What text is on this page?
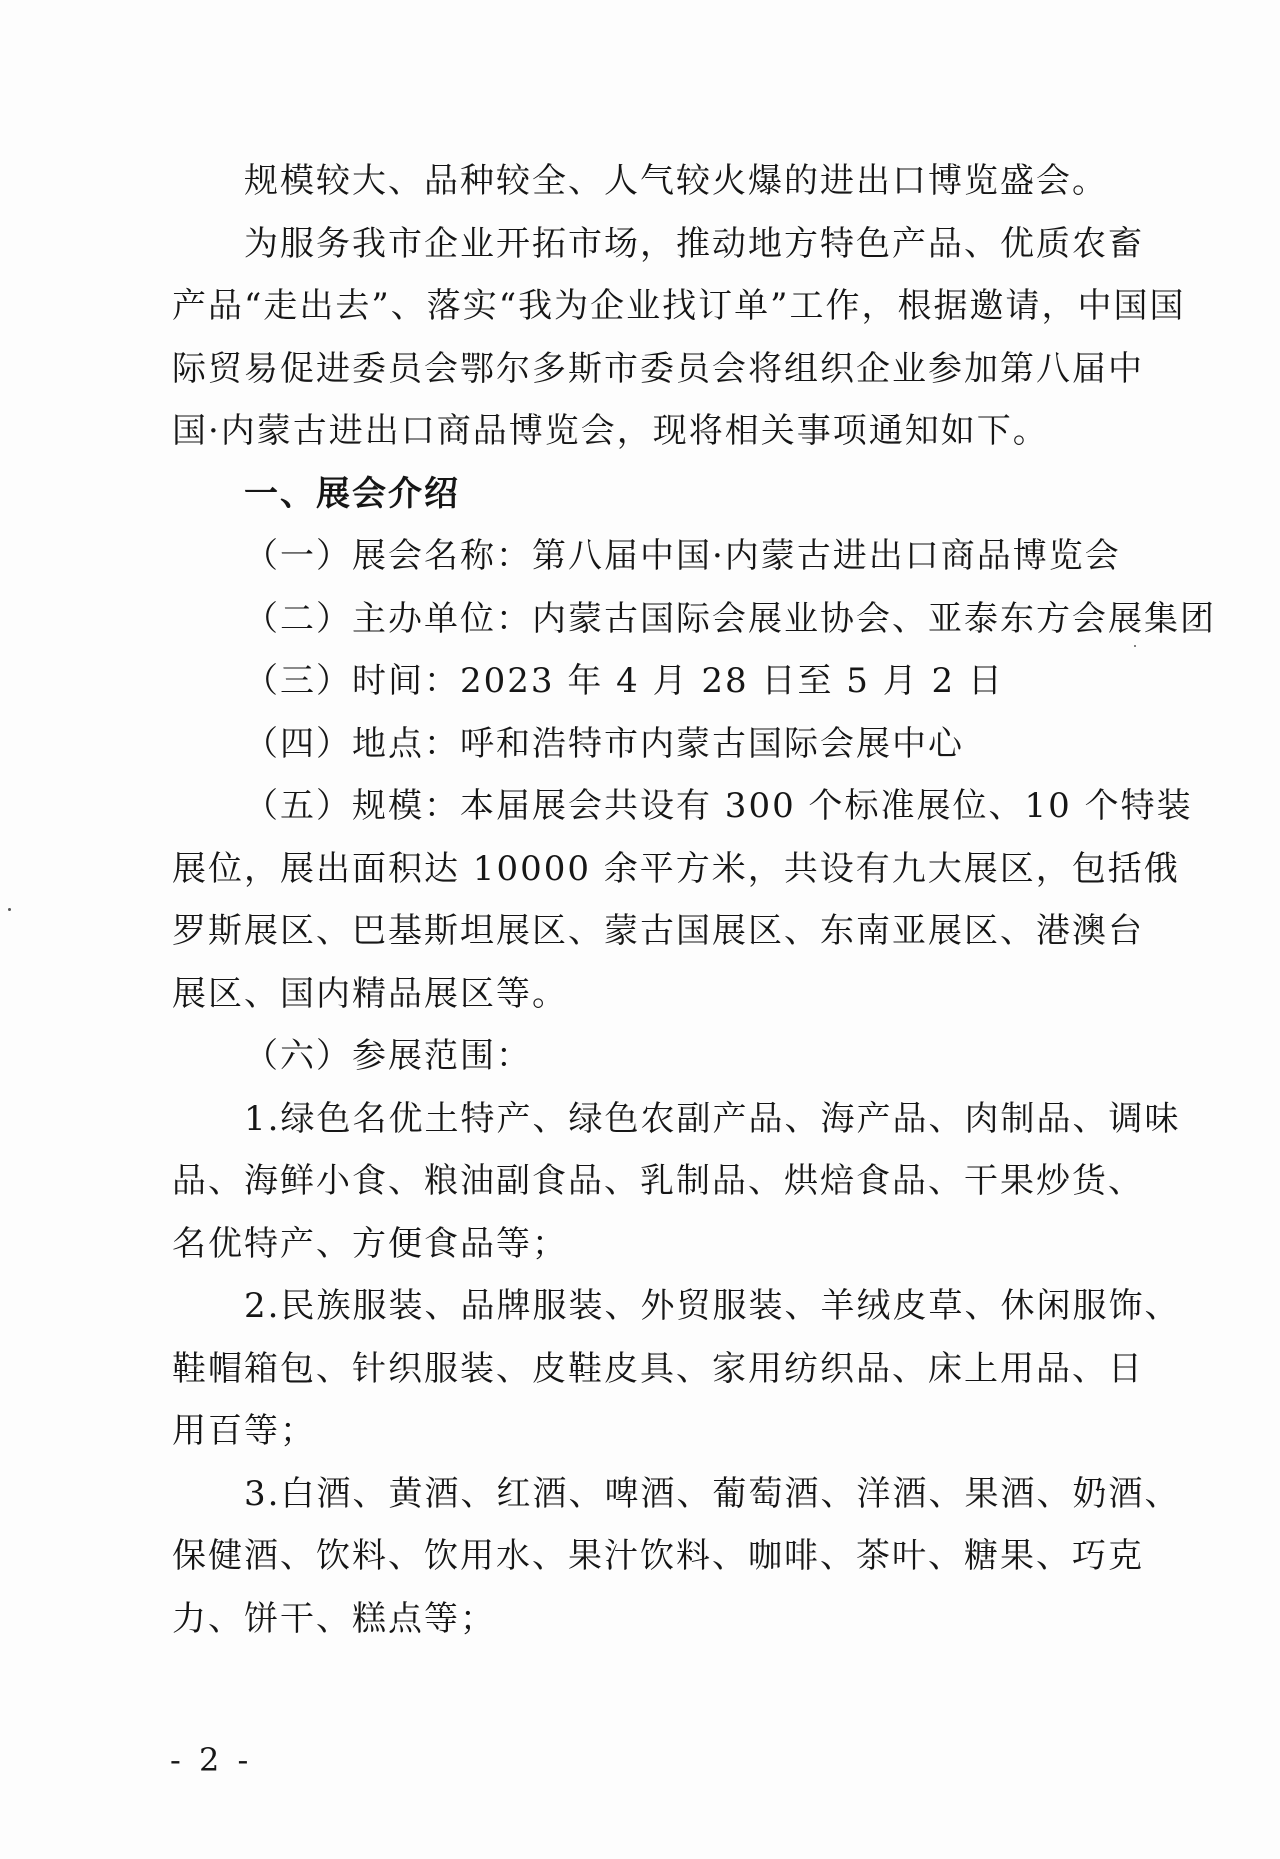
规模较大、品种较全、人气较火爆的进出口博览盛会。
为服务我市企业开拓市场，推动地方特色产品、优质农畜
产品“走出去”、落实“我为企业找订单”工作，根据邀请，中国国
际贸易促进委员会鄂尔多斯市委员会将组织企业参加第八届中
国·内蒙古进出口商品博览会，现将相关事项通知如下。
一、展会介绍
（一）展会名称：第八届中国·内蒙古进出口商品博览会
（二）主办单位：内蒙古国际会展业协会、亚泰东方会展集团
（三）时间：2023 年 4 月 28 日至 5 月 2 日
（四）地点：呼和浩特市内蒙古国际会展中心
（五）规模：本届展会共设有 300 个标准展位、10 个特装
展位，展出面积达 10000 余平方米，共设有九大展区，包括俄
罗斯展区、巴基斯坦展区、蒙古国展区、东南亚展区、港澳台
展区、国内精品展区等。
（六）参展范围：
1.绿色名优土特产、绿色农副产品、海产品、肉制品、调味
品、海鲜小食、粮油副食品、乳制品、烘焙食品、干果炒货、
名优特产、方便食品等；
2.民族服装、品牌服装、外贸服装、羊绒皮草、休闲服饰、
鞋帽箱包、针织服装、皮鞋皮具、家用纺织品、床上用品、日
用百等；
3.白酒、黄酒、红酒、啤酒、葡萄酒、洋酒、果酒、奶酒、
保健酒、饮料、饮用水、果汁饮料、咖啡、茶叶、糖果、巧克
力、饼干、糕点等；
- 2 -
